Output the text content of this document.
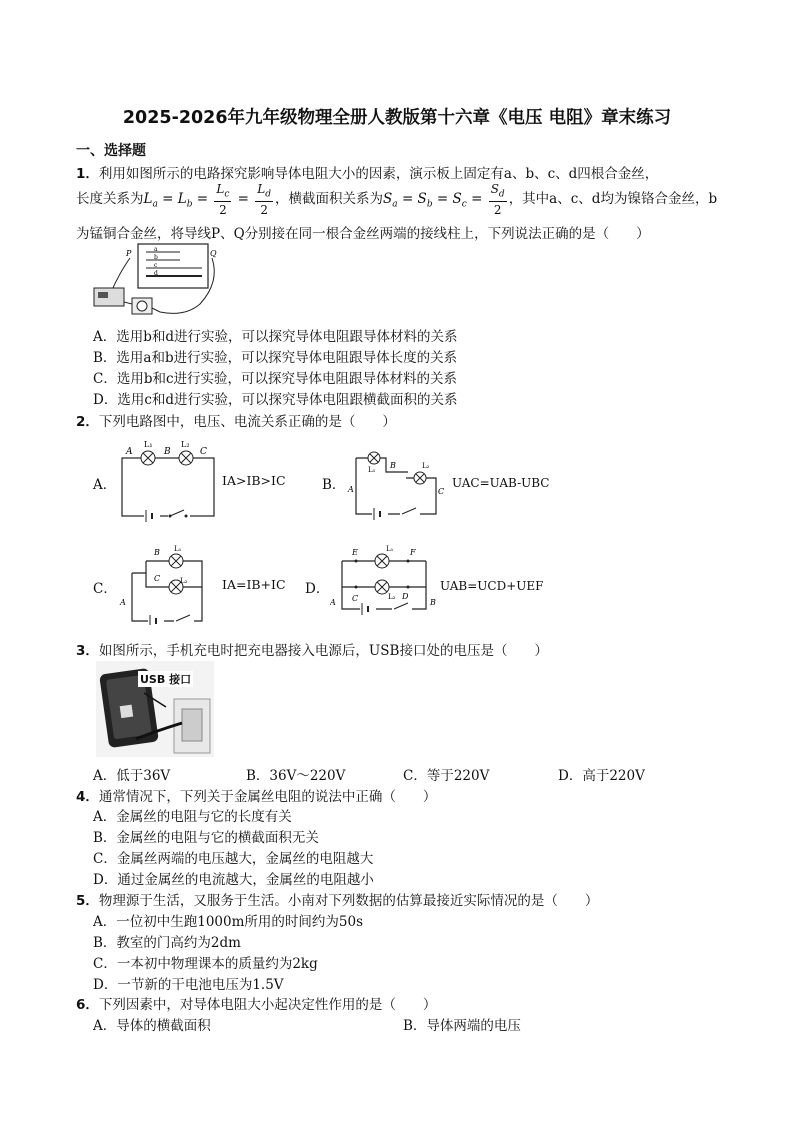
2025-2026年九年级物理全册人教版第十六章《电压 电阻》章末练习
一、选择题
1．利用如图所示的电路探究影响导体电阻大小的因素，演示板上固定有a、b、c、d四根合金丝，
长度关系为$L_a = L_b = \frac{L_c}{2} = \frac{L_d}{2}$ ，横截面积关系为$S_a = S_b = S_c = \frac{S_d}{2}$ ，其中a、c、d均为镍铬合金丝，b
为锰铜合金丝，将导线P、Q分别接在同一根合金丝两端的接线柱上，下列说法正确的是（　　）
a
b
c
d
P	Q
A．选用b和d进行实验，可以探究导体电阻跟导体材料的关系
B．选用a和b进行实验，可以探究导体电阻跟导体长度的关系
C．选用b和c进行实验，可以探究导体电阻跟导体材料的关系
D．选用c和d进行实验，可以探究导体电阻跟横截面积的关系
2．下列电路图中，电压、电流关系正确的是（　　）
A．
A	B	C
L₁	L₂
IA>IB>IC	B． A
B
C
L₁	L₂
UAC=UAB-UBC
C．
A
B
C
L₁
L₂	IA=IB+IC D．
E	F
C	D
A	B
L₁
L₂
UAB=UCD+UEF
3．如图所示，手机充电时把充电器接入电源后，USB接口处的电压是（　　）
USB 接口
A．低于36V	B．36V～220V	C．等于220V	D．高于220V
4．通常情况下，下列关于金属丝电阻的说法中正确（　　）
A．金属丝的电阻与它的长度有关
B．金属丝的电阻与它的横截面积无关
C．金属丝两端的电压越大，金属丝的电阻越大
D．通过金属丝的电流越大，金属丝的电阻越小
5．物理源于生活，又服务于生活。小南对下列数据的估算最接近实际情况的是（　　）
A．一位初中生跑1000m所用的时间约为50s
B．教室的门高约为2dm
C．一本初中物理课本的质量约为2kg
D．一节新的干电池电压为1.5V
6．下列因素中，对导体电阻大小起决定性作用的是（　　）
A．导体的横截面积	B．导体两端的电压
